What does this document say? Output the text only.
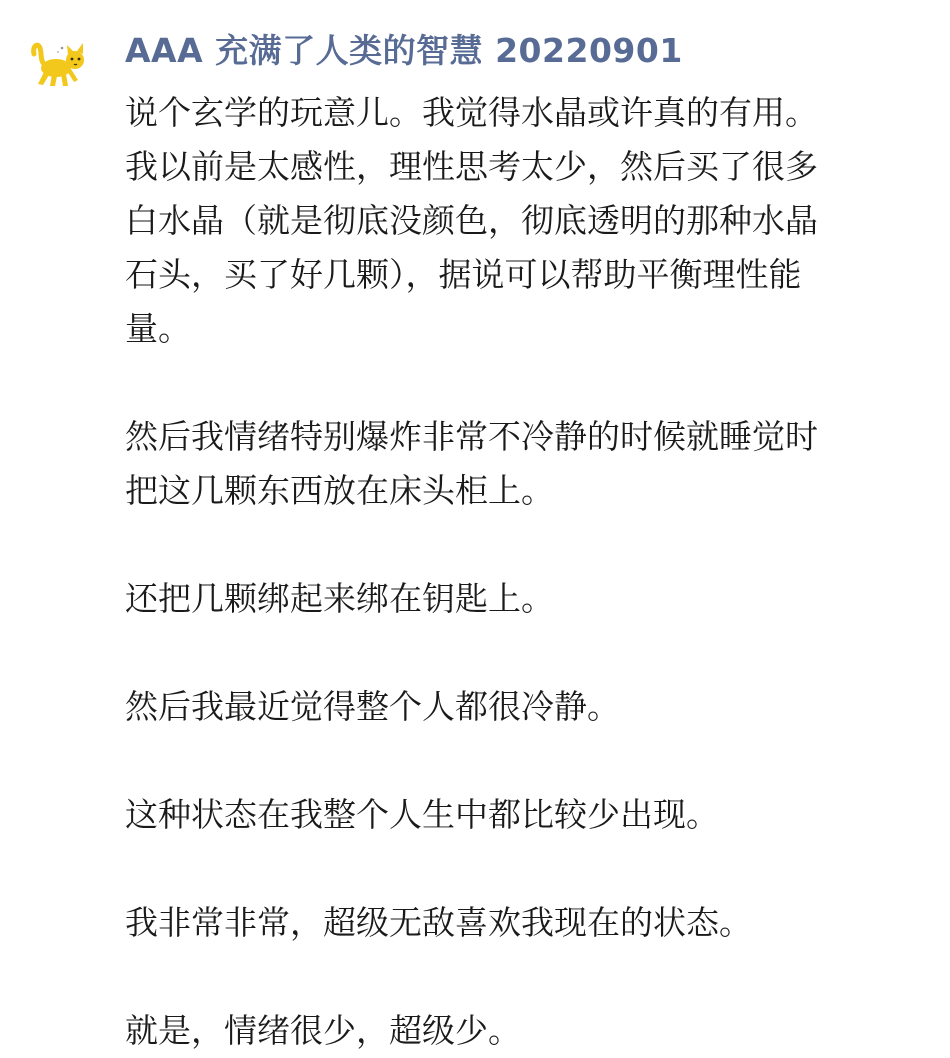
AAA 充满了人类的智慧 20220901

说个玄学的玩意儿。我觉得水晶或许真的有用。

我以前是太感性，理性思考太少，然后买了很多

白水晶（就是彻底没颜色，彻底透明的那种水晶

石头，买了好几颗），据说可以帮助平衡理性能

量。

然后我情绪特别爆炸非常不冷静的时候就睡觉时

把这几颗东西放在床头柜上。

还把几颗绑起来绑在钥匙上。

然后我最近觉得整个人都很冷静。

这种状态在我整个人生中都比较少出现。

我非常非常，超级无敌喜欢我现在的状态。

就是，情绪很少，超级少。
